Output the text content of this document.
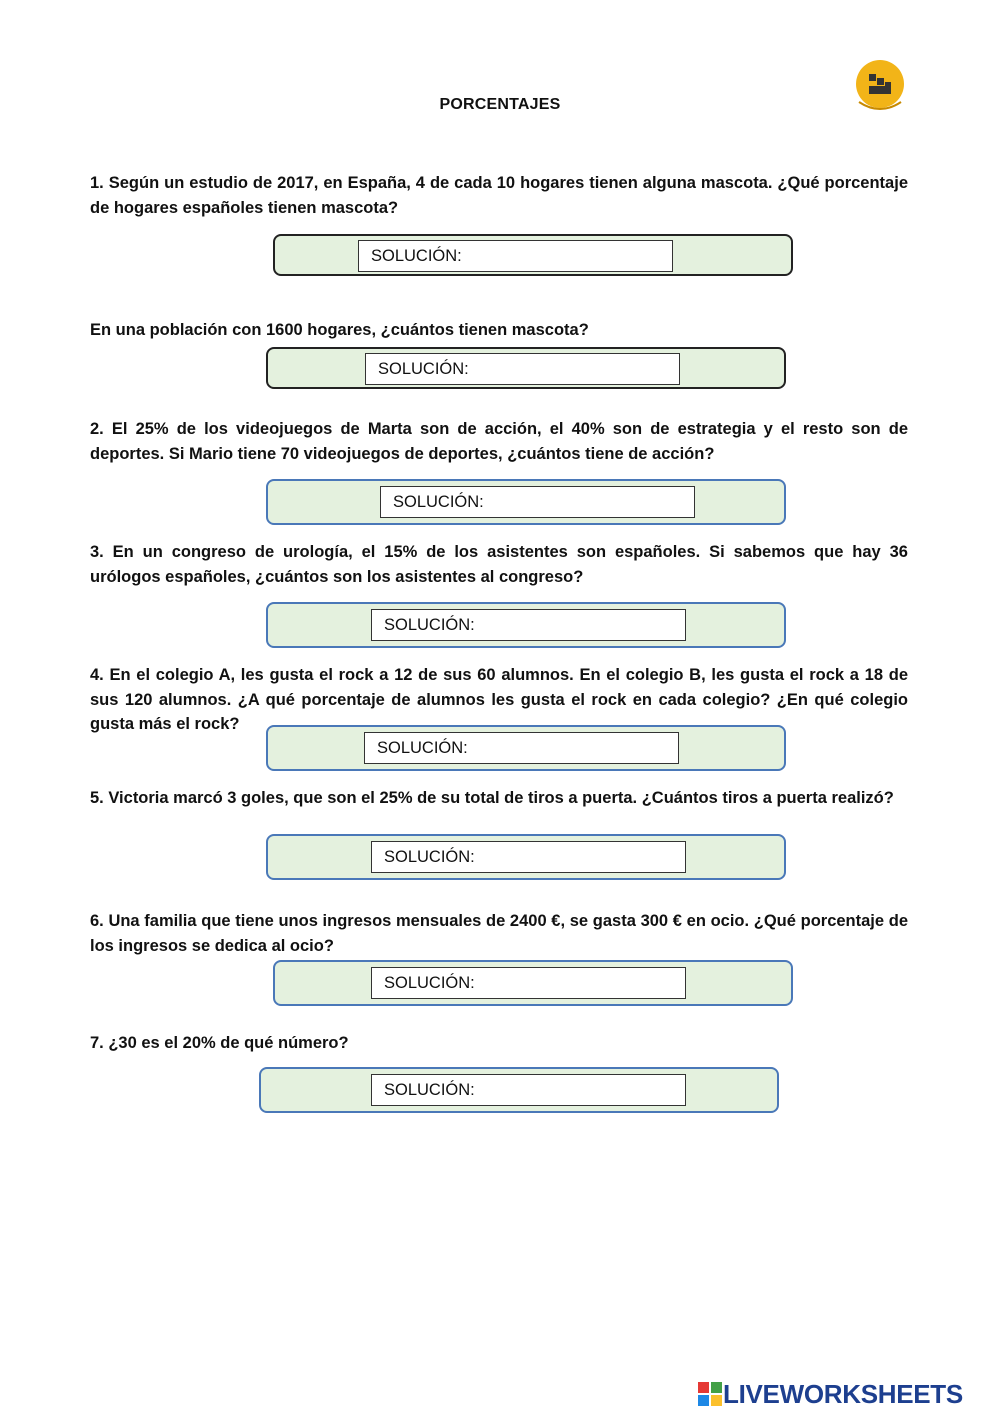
PORCENTAJES
1. Según un estudio de 2017, en España, 4 de cada 10 hogares tienen alguna mascota. ¿Qué porcentaje de hogares españoles tienen mascota?
SOLUCIÓN:
En una población con 1600 hogares, ¿cuántos tienen mascota?
SOLUCIÓN:
2. El 25% de los videojuegos de Marta son de acción, el 40% son de estrategia y el resto son de deportes. Si Mario tiene 70 videojuegos de deportes, ¿cuántos tiene de acción?
SOLUCIÓN:
3. En un congreso de urología, el 15% de los asistentes son españoles. Si sabemos que hay 36 urólogos españoles, ¿cuántos son los asistentes al congreso?
SOLUCIÓN:
4. En el colegio A, les gusta el rock a 12 de sus 60 alumnos. En el colegio B, les gusta el rock a 18 de sus 120 alumnos. ¿A qué porcentaje de alumnos les gusta el rock en cada colegio? ¿En qué colegio gusta más el rock?
SOLUCIÓN:
5. Victoria marcó 3 goles, que son el 25% de su total de tiros a puerta. ¿Cuántos tiros a puerta realizó?
SOLUCIÓN:
6. Una familia que tiene unos ingresos mensuales de 2400 €, se gasta 300 € en ocio. ¿Qué porcentaje de los ingresos se dedica al ocio?
SOLUCIÓN:
7. ¿30 es el 20% de qué número?
SOLUCIÓN:
LIVEWORKSHEETS
